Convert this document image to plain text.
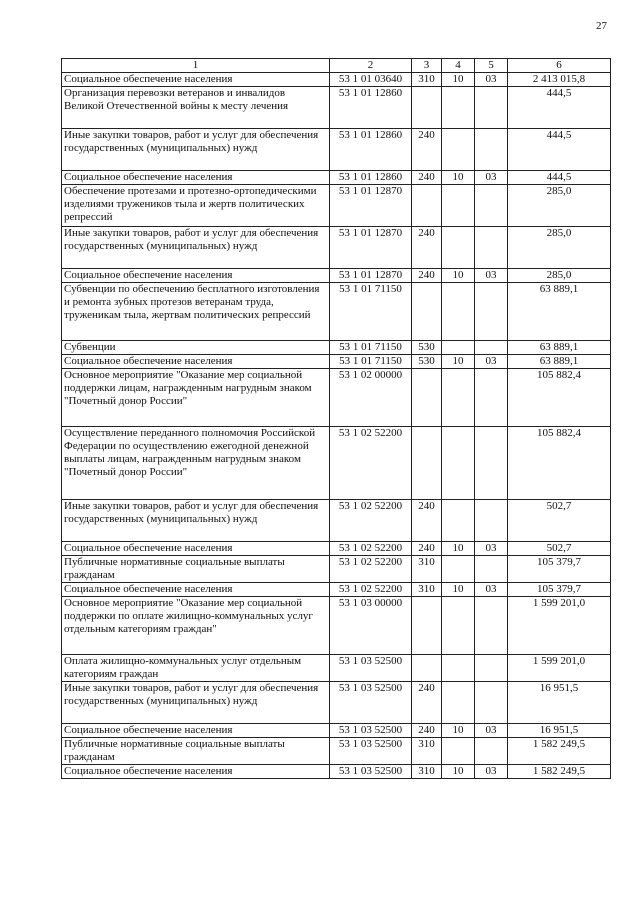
27
1	2	3	4	5	6
Социальное обеспечение населения	53 1 01 03640	310	10	03	2 413 015,8
Организация перевозки ветеранов и инвалидов Великой Отечественной войны к месту лечения	53 1 01 12860				444,5
Иные закупки товаров, работ и услуг для обеспечения государственных (муниципальных) нужд	53 1 01 12860	240			444,5
Социальное обеспечение населения	53 1 01 12860	240	10	03	444,5
Обеспечение протезами и протезно-ортопедическими изделиями тружеников тыла и жертв политических репрессий	53 1 01 12870				285,0
Иные закупки товаров, работ и услуг для обеспечения государственных (муниципальных) нужд	53 1 01 12870	240			285,0
Социальное обеспечение населения	53 1 01 12870	240	10	03	285,0
Субвенции по обеспечению бесплатного изготовления и ремонта зубных протезов ветеранам труда, труженикам тыла, жертвам политических репрессий	53 1 01 71150				63 889,1
Субвенции	53 1 01 71150	530			63 889,1
Социальное обеспечение населения	53 1 01 71150	530	10	03	63 889,1
Основное мероприятие "Оказание мер социальной поддержки лицам, награжденным нагрудным знаком "Почетный донор России"	53 1 02 00000				105 882,4
Осуществление переданного полномочия Российской Федерации по осуществлению ежегодной денежной выплаты лицам, награжденным нагрудным знаком "Почетный донор России"	53 1 02 52200				105 882,4
Иные закупки товаров, работ и услуг для обеспечения государственных (муниципальных) нужд	53 1 02 52200	240			502,7
Социальное обеспечение населения	53 1 02 52200	240	10	03	502,7
Публичные нормативные социальные выплаты гражданам	53 1 02 52200	310			105 379,7
Социальное обеспечение населения	53 1 02 52200	310	10	03	105 379,7
Основное мероприятие "Оказание мер социальной поддержки по оплате жилищно-коммунальных услуг отдельным категориям граждан"	53 1 03 00000				1 599 201,0
Оплата жилищно-коммунальных услуг отдельным категориям граждан	53 1 03 52500				1 599 201,0
Иные закупки товаров, работ и услуг для обеспечения государственных (муниципальных) нужд	53 1 03 52500	240			16 951,5
Социальное обеспечение населения	53 1 03 52500	240	10	03	16 951,5
Публичные нормативные социальные выплаты гражданам	53 1 03 52500	310			1 582 249,5
Социальное обеспечение населения	53 1 03 52500	310	10	03	1 582 249,5
